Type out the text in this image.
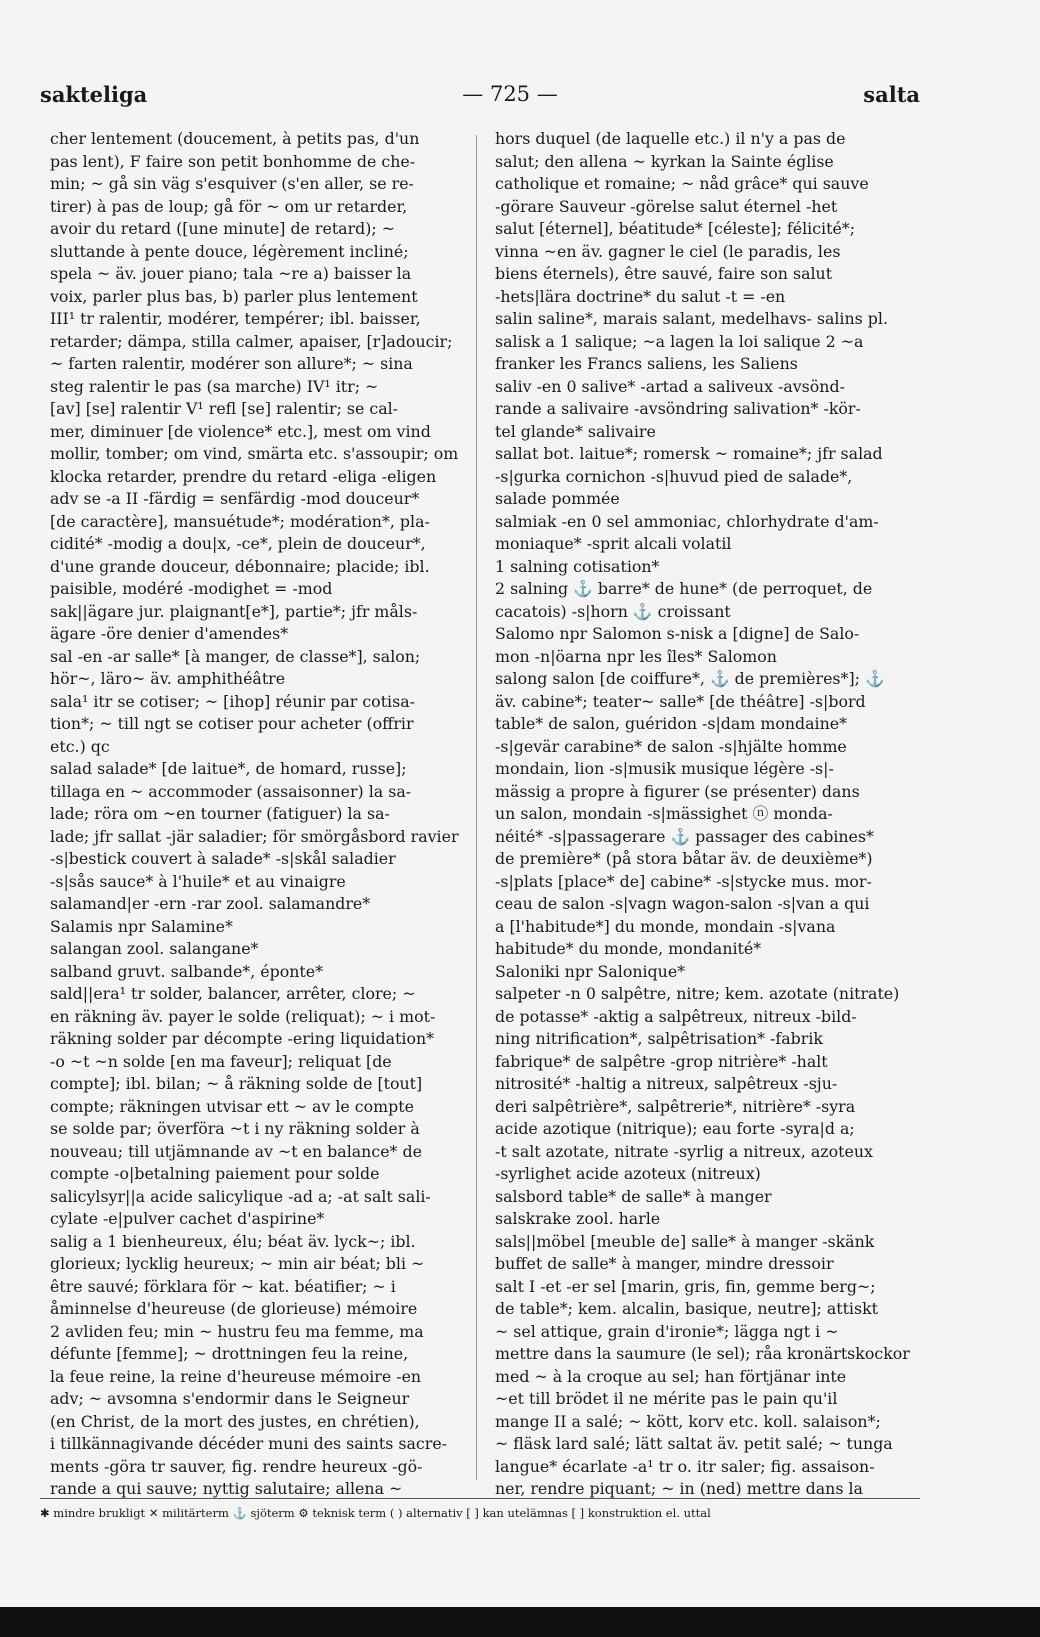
sakteliga	— 725 —	salta
cher lentement (doucement, à petits pas, d'un
pas lent), F faire son petit bonhomme de che-
min; ~ gå sin väg s'esquiver (s'en aller, se re-
tirer) à pas de loup; gå för ~ om ur retarder,
avoir du retard ([une minute] de retard); ~
sluttande à pente douce, légèrement incliné;
spela ~ äv. jouer piano; tala ~re a) baisser la
voix, parler plus bas, b) parler plus lentement
III¹ tr ralentir, modérer, tempérer; ibl. baisser,
retarder; dämpa, stilla calmer, apaiser, [r]adoucir;
~ farten ralentir, modérer son allure*; ~ sina
steg ralentir le pas (sa marche) IV¹ itr; ~
[av] [se] ralentir V¹ refl [se] ralentir; se cal-
mer, diminuer [de violence* etc.], mest om vind
mollir, tomber; om vind, smärta etc. s'assoupir; om
klocka retarder, prendre du retard -eliga -eligen
adv se -a II -färdig = senfärdig -mod douceur*
[de caractère], mansuétude*; modération*, pla-
cidité* -modig a dou|x, -ce*, plein de douceur*,
d'une grande douceur, débonnaire; placide; ibl.
paisible, modéré -modighet = -mod
sak||ägare jur. plaignant[e*], partie*; jfr måls-
ägare -öre denier d'amendes*
sal -en -ar salle* [à manger, de classe*], salon;
hör~, läro~ äv. amphithéâtre
sala¹ itr se cotiser; ~ [ihop] réunir par cotisa-
tion*; ~ till ngt se cotiser pour acheter (offrir
etc.) qc
salad salade* [de laitue*, de homard, russe];
tillaga en ~ accommoder (assaisonner) la sa-
lade; röra om ~en tourner (fatiguer) la sa-
lade; jfr sallat -jär saladier; för smörgåsbord ravier
-s|bestick couvert à salade* -s|skål saladier
-s|sås sauce* à l'huile* et au vinaigre
salamand|er -ern -rar zool. salamandre*
Salamis npr Salamine*
salangan zool. salangane*
salband gruvt. salbande*, éponte*
sald||era¹ tr solder, balancer, arrêter, clore; ~
en räkning äv. payer le solde (reliquat); ~ i mot-
räkning solder par décompte -ering liquidation*
-o ~t ~n solde [en ma faveur]; reliquat [de
compte]; ibl. bilan; ~ å räkning solde de [tout]
compte; räkningen utvisar ett ~ av le compte
se solde par; överföra ~t i ny räkning solder à
nouveau; till utjämnande av ~t en balance* de
compte -o|betalning paiement pour solde
salicylsyr||a acide salicylique -ad a; -at salt sali-
cylate -e|pulver cachet d'aspirine*
salig a 1 bienheureux, élu; béat äv. lyck~; ibl.
glorieux; lycklig heureux; ~ min air béat; bli ~
être sauvé; förklara för ~ kat. béatifier; ~ i
åminnelse d'heureuse (de glorieuse) mémoire
2 avliden feu; min ~ hustru feu ma femme, ma
défunte [femme]; ~ drottningen feu la reine,
la feue reine, la reine d'heureuse mémoire -en
adv; ~ avsomna s'endormir dans le Seigneur
(en Christ, de la mort des justes, en chrétien),
i tillkännagivande décéder muni des saints sacre-
ments -göra tr sauver, fig. rendre heureux -gö-
rande a qui sauve; nyttig salutaire; allena ~
hors duquel (de laquelle etc.) il n'y a pas de
salut; den allena ~ kyrkan la Sainte église
catholique et romaine; ~ nåd grâce* qui sauve
-görare Sauveur -görelse salut éternel -het
salut [éternel], béatitude* [céleste]; félicité*;
vinna ~en äv. gagner le ciel (le paradis, les
biens éternels), être sauvé, faire son salut
-hets|lära doctrine* du salut -t = -en
salin saline*, marais salant, medelhavs- salins pl.
salisk a 1 salique; ~a lagen la loi salique 2 ~a
franker les Francs saliens, les Saliens
saliv -en 0 salive* -artad a saliveux -avsönd-
rande a salivaire -avsöndring salivation* -kör-
tel glande* salivaire
sallat bot. laitue*; romersk ~ romaine*; jfr salad
-s|gurka cornichon -s|huvud pied de salade*,
salade pommée
salmiak -en 0 sel ammoniac, chlorhydrate d'am-
moniaque* -sprit alcali volatil
1 salning cotisation*
2 salning ⚓ barre* de hune* (de perroquet, de
cacatois) -s|horn ⚓ croissant
Salomo npr Salomon s-nisk a [digne] de Salo-
mon -n|öarna npr les îles* Salomon
salong salon [de coiffure*, ⚓ de premières*]; ⚓
äv. cabine*; teater~ salle* [de théâtre] -s|bord
table* de salon, guéridon -s|dam mondaine*
-s|gevär carabine* de salon -s|hjälte homme
mondain, lion -s|musik musique légère -s|-
mässig a propre à figurer (se présenter) dans
un salon, mondain -s|mässighet ⓝ monda-
néité* -s|passagerare ⚓ passager des cabines*
de première* (på stora båtar äv. de deuxième*)
-s|plats [place* de] cabine* -s|stycke mus. mor-
ceau de salon -s|vagn wagon-salon -s|van a qui
a [l'habitude*] du monde, mondain -s|vana
habitude* du monde, mondanité*
Saloniki npr Salonique*
salpeter -n 0 salpêtre, nitre; kem. azotate (nitrate)
de potasse* -aktig a salpêtreux, nitreux -bild-
ning nitrification*, salpêtrisation* -fabrik
fabrique* de salpêtre -grop nitrière* -halt
nitrosité* -haltig a nitreux, salpêtreux -sju-
deri salpêtrière*, salpêtrerie*, nitrière* -syra
acide azotique (nitrique); eau forte -syra|d a;
-t salt azotate, nitrate -syrlig a nitreux, azoteux
-syrlighet acide azoteux (nitreux)
salsbord table* de salle* à manger
salskrake zool. harle
sals||möbel [meuble de] salle* à manger -skänk
buffet de salle* à manger, mindre dressoir
salt I -et -er sel [marin, gris, fin, gemme berg~;
de table*; kem. alcalin, basique, neutre]; attiskt
~ sel attique, grain d'ironie*; lägga ngt i ~
mettre dans la saumure (le sel); råa kronärtskockor
med ~ à la croque au sel; han förtjänar inte
~et till brödet il ne mérite pas le pain qu'il
mange II a salé; ~ kött, korv etc. koll. salaison*;
~ fläsk lard salé; lätt saltat äv. petit salé; ~ tunga
langue* écarlate -a¹ tr o. itr saler; fig. assaison-
ner, rendre piquant; ~ in (ned) mettre dans la
✱ mindre brukligt ✕ militärterm ⚓ sjöterm ⚙ teknisk term ( ) alternativ [ ] kan utelämnas [ ] konstruktion el. uttal
